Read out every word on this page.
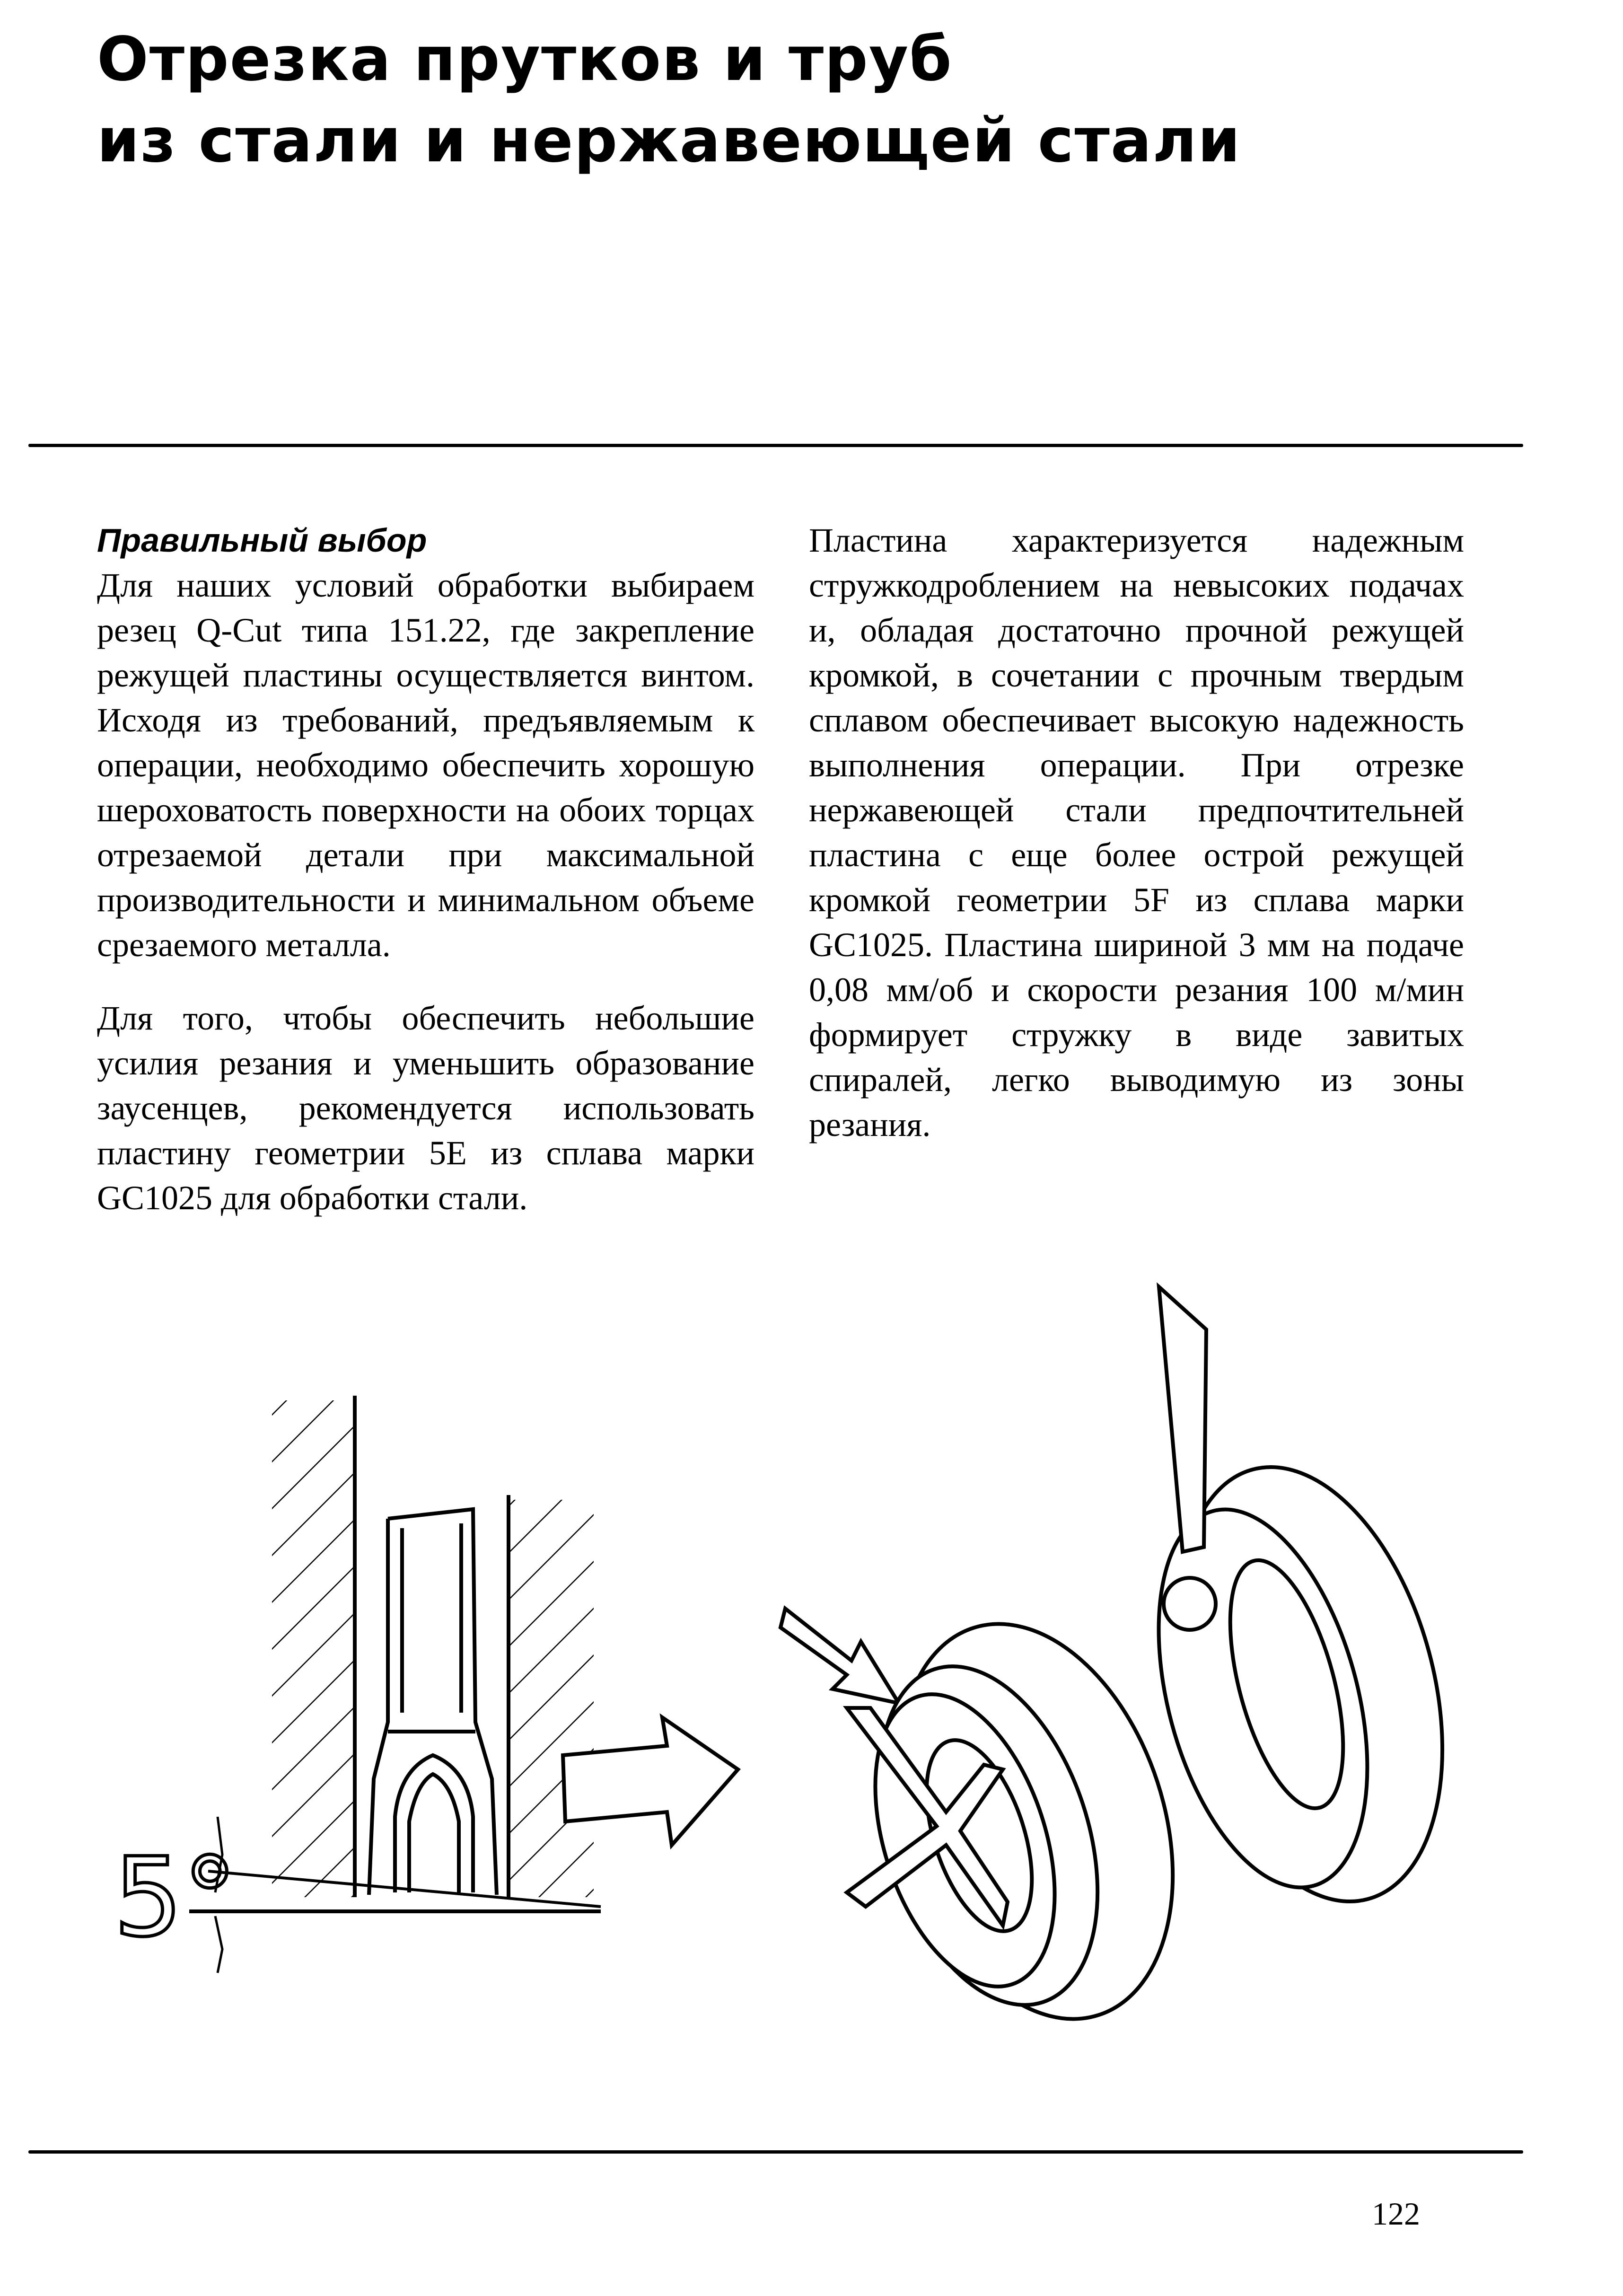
Отрезка прутков и труб
из стали и нержавеющей стали
Правильный выбор

Для наших условий обработки выбираем резец Q-Cut типа 151.22, где закрепление режущей пластины осуществляется винтом. Исходя из требований, предъявляемым к операции, необходимо обеспечить хорошую шероховатость поверхности на обоих торцах отрезаемой детали при максимальной производительности и минимальном объеме срезаемого металла.

Для того, чтобы обеспечить небольшие усилия резания и уменьшить образование заусенцев, рекомендуется использовать пластину геометрии 5E из сплава марки GC1025 для обработки стали.

Пластина характеризуется надежным стружкодроблением на невысоких подачах и, обладая достаточно прочной режущей кромкой, в сочетании с прочным твердым сплавом обеспечивает высокую надежность выполнения операции. При отрезке нержавеющей стали предпочтительней пластина с еще более острой режущей кромкой геометрии 5F из сплава марки GC1025. Пластина шириной 3 мм на подаче 0,08 мм/об и скорости резания 100 м/мин формирует стружку в виде завитых спиралей, легко выводимую из зоны резания.

5°
X
!
122
